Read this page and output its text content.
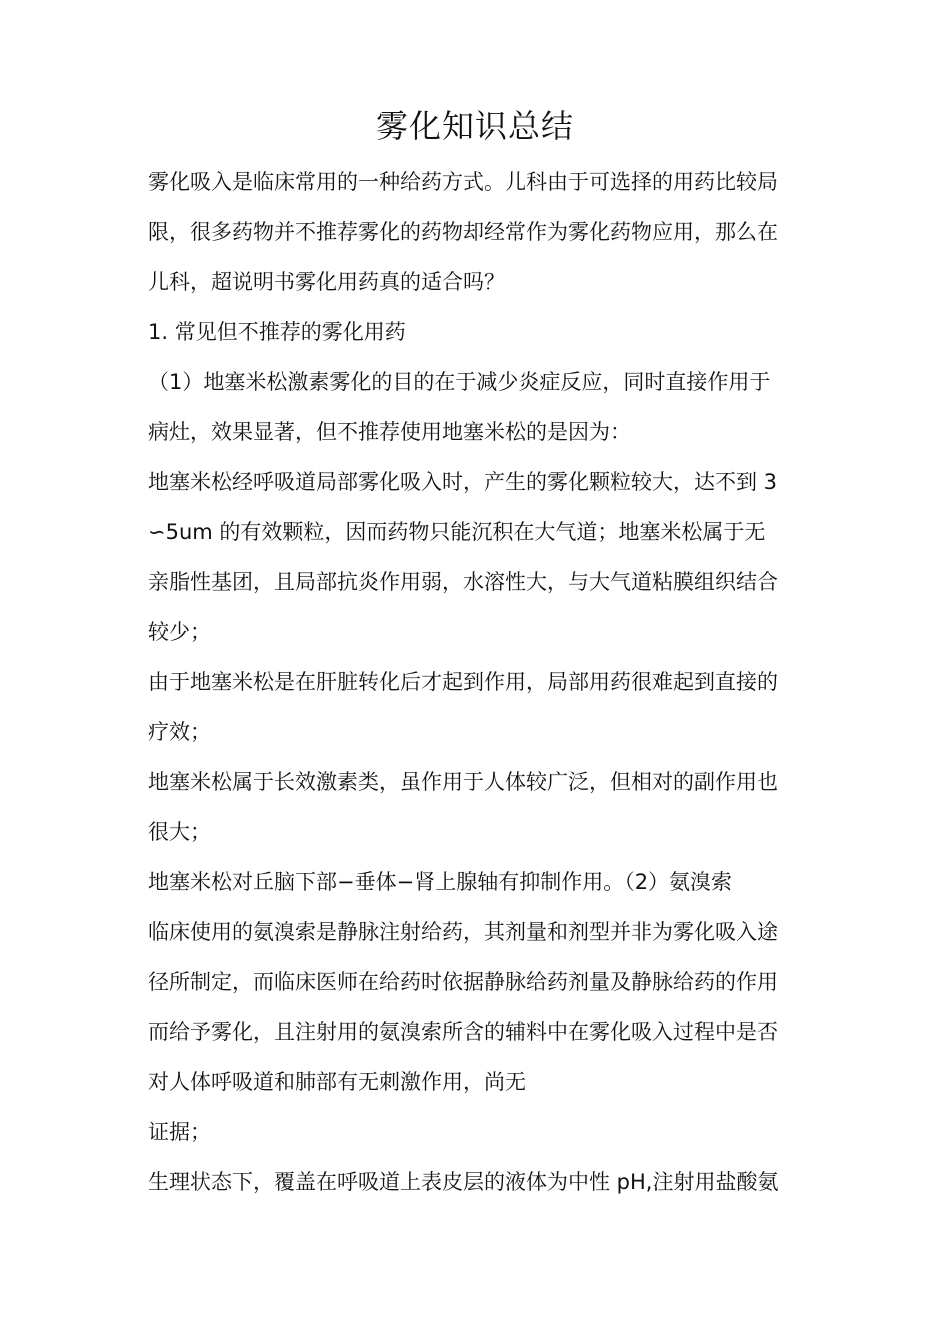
雾化知识总结
雾化吸入是临床常用的一种给药方式。儿科由于可选择的用药比较局
限，很多药物并不推荐雾化的药物却经常作为雾化药物应用，那么在
儿科，超说明书雾化用药真的适合吗？
1. 常见但不推荐的雾化用药
（1）地塞米松激素雾化的目的在于减少炎症反应，同时直接作用于
病灶，效果显著，但不推荐使用地塞米松的是因为：
地塞米松经呼吸道局部雾化吸入时，产生的雾化颗粒较大，达不到 3
∽5um 的有效颗粒，因而药物只能沉积在大气道；地塞米松属于无
亲脂性基团，且局部抗炎作用弱，水溶性大，与大气道粘膜组织结合
较少；
由于地塞米松是在肝脏转化后才起到作用，局部用药很难起到直接的
疗效；
地塞米松属于长效激素类，虽作用于人体较广泛，但相对的副作用也
很大；
地塞米松对丘脑下部−垂体−肾上腺轴有抑制作用。（2）氨溴索
临床使用的氨溴索是静脉注射给药，其剂量和剂型并非为雾化吸入途
径所制定，而临床医师在给药时依据静脉给药剂量及静脉给药的作用
而给予雾化，且注射用的氨溴索所含的辅料中在雾化吸入过程中是否
对人体呼吸道和肺部有无刺激作用，尚无
证据；
生理状态下，覆盖在呼吸道上表皮层的液体为中性 pH,注射用盐酸氨
